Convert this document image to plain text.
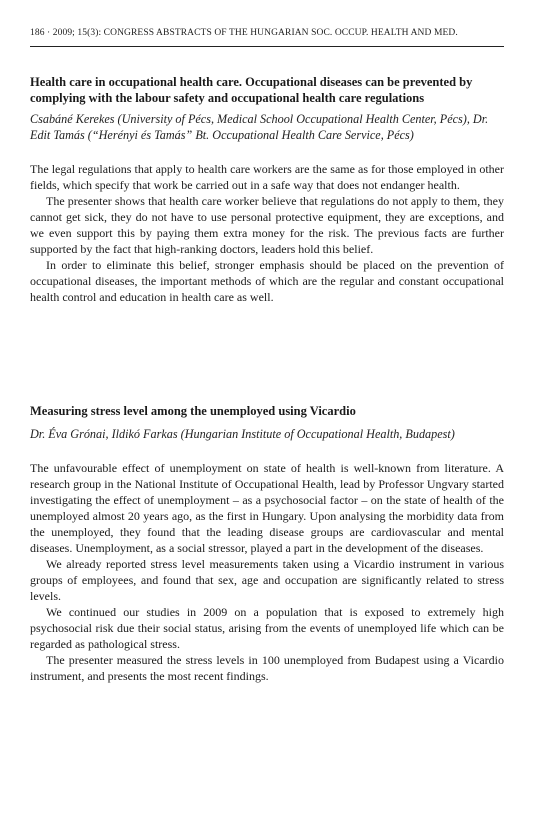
186 · 2009; 15(3): CONGRESS ABSTRACTS OF THE HUNGARIAN SOC. OCCUP. HEALTH AND MED.
Health care in occupational health care. Occupational diseases can be prevented by complying with the labour safety and occupational health care regulations

Csabáné Kerekes (University of Pécs, Medical School Occupational Health Center, Pécs), Dr. Edit Tamás (“Herényi és Tamás” Bt. Occupational Health Care Service, Pécs)

The legal regulations that apply to health care workers are the same as for those employed in other fields, which specify that work be carried out in a safe way that does not endanger health.

The presenter shows that health care worker believe that regulations do not apply to them, they cannot get sick, they do not have to use personal protective equipment, they are exceptions, and we even support this by paying them extra money for the risk. The previous facts are further supported by the fact that high-ranking doctors, leaders hold this belief.

In order to eliminate this belief, stronger emphasis should be placed on the prevention of occupational diseases, the important methods of which are the regular and constant occupational health control and education in health care as well.

Measuring stress level among the unemployed using Vicardio

Dr. Éva Grónai, Ildikó Farkas (Hungarian Institute of Occupational Health, Budapest)

The unfavourable effect of unemployment on state of health is well-known from literature. A research group in the National Institute of Occupational Health, lead by Professor Ungvary started investigating the effect of unemployment – as a psychosocial factor – on the state of health of the unemployed almost 20 years ago, as the first in Hungary. Upon analysing the morbidity data from the unemployed, they found that the leading disease groups are cardiovascular and mental diseases. Unemployment, as a social stressor, played a part in the development of the diseases.

We already reported stress level measurements taken using a Vicardio instrument in various groups of employees, and found that sex, age and occupation are significantly related to stress levels.

We continued our studies in 2009 on a population that is exposed to extremely high psychosocial risk due their social status, arising from the events of unemployed life which can be regarded as pathological stress.

The presenter measured the stress levels in 100 unemployed from Budapest using a Vicardio instrument, and presents the most recent findings.
